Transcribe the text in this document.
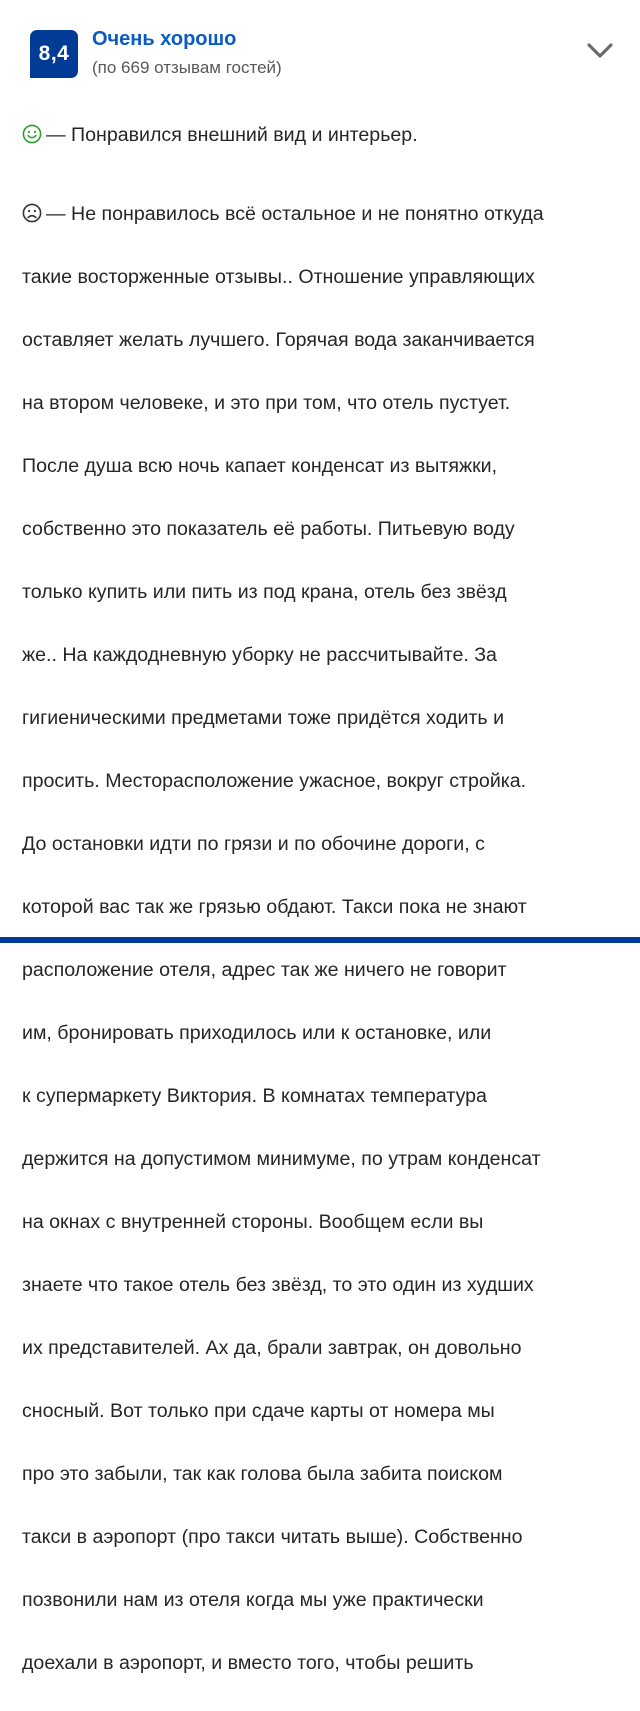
8,4
Очень хорошо
(по 669 отзывам гостей)

— Понравился внешний вид и интерьер.

— Не понравилось всё остальное и не понятно откуда

такие восторженные отзывы.. Отношение управляющих

оставляет желать лучшего. Горячая вода заканчивается

на втором человеке, и это при том, что отель пустует.

После душа всю ночь капает конденсат из вытяжки,

собственно это показатель её работы. Питьевую воду

только купить или пить из под крана, отель без звёзд

же.. На каждодневную уборку не рассчитывайте. За

гигиеническими предметами тоже придётся ходить и

просить. Месторасположение ужасное, вокруг стройка.

До остановки идти по грязи и по обочине дороги, с

которой вас так же грязью обдают. Такси пока не знают

расположение отеля, адрес так же ничего не говорит

им, бронировать приходилось или к остановке, или

к супермаркету Виктория. В комнатах температура

держится на допустимом минимуме, по утрам конденсат

на окнах с внутренней стороны. Вообщем если вы

знаете что такое отель без звёзд, то это один из худших

их представителей. Ах да, брали завтрак, он довольно

сносный. Вот только при сдаче карты от номера мы

про это забыли, так как голова была забита поиском

такси в аэропорт (про такси читать выше). Собственно

позвонили нам из отеля когда мы уже практически

доехали в аэропорт, и вместо того, чтобы решить
